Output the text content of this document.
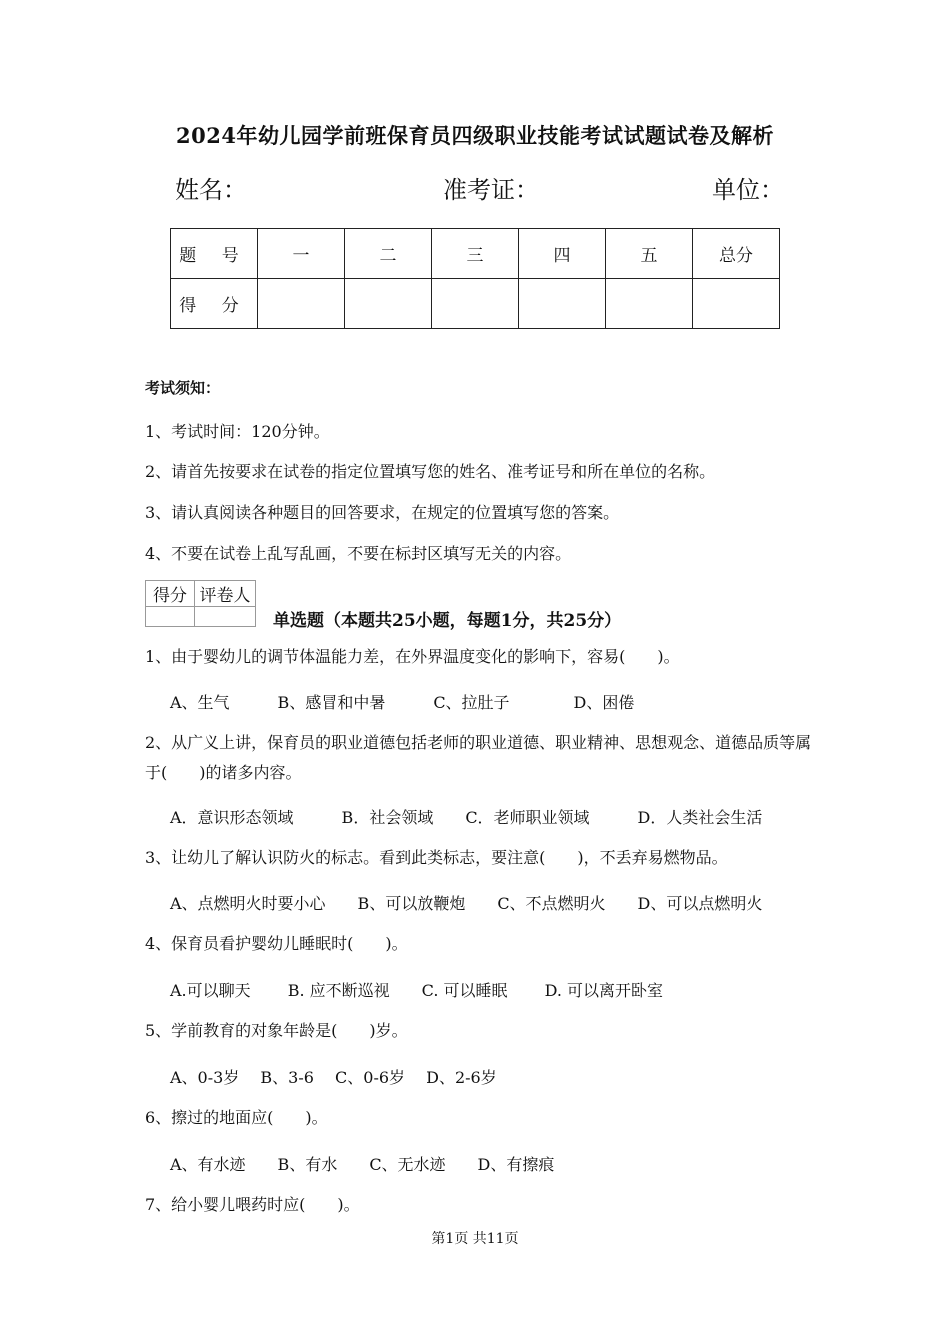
2024年幼儿园学前班保育员四级职业技能考试试题试卷及解析
姓名：	准考证：	单位：
题 号	一	二	三	四	五	总分
得 分						
考试须知：
1、考试时间：120分钟。
2、请首先按要求在试卷的指定位置填写您的姓名、准考证号和所在单位的名称。
3、请认真阅读各种题目的回答要求，在规定的位置填写您的答案。
4、不要在试卷上乱写乱画，不要在标封区填写无关的内容。
得分	评卷人

单选题（本题共25小题，每题1分，共25分）
1、由于婴幼儿的调节体温能力差，在外界温度变化的影响下，容易(　　)。
A、生气　　　B、感冒和中暑　　　C、拉肚子　　　　D、困倦
2、从广义上讲，保育员的职业道德包括老师的职业道德、职业精神、思想观念、道德品质等属于(　　)的诸多内容。
A．意识形态领域　　　B．社会领域　　C．老师职业领域　　　D．人类社会生活
3、让幼儿了解认识防火的标志。看到此类标志，要注意(　　)，不丢弃易燃物品。
A、点燃明火时要小心　　B、可以放鞭炮　　C、不点燃明火　　D、可以点燃明火
4、保育员看护婴幼儿睡眠时(　　)。
A.可以聊天　　 B. 应不断巡视　　C. 可以睡眠　　 D. 可以离开卧室
5、学前教育的对象年龄是(　　)岁。
A、0-3岁　 B、3-6　 C、0-6岁　 D、2-6岁
6、擦过的地面应(　　)。
A、有水迹　　B、有水　　C、无水迹　　D、有擦痕
7、给小婴儿喂药时应(　　)。
第1页 共11页
